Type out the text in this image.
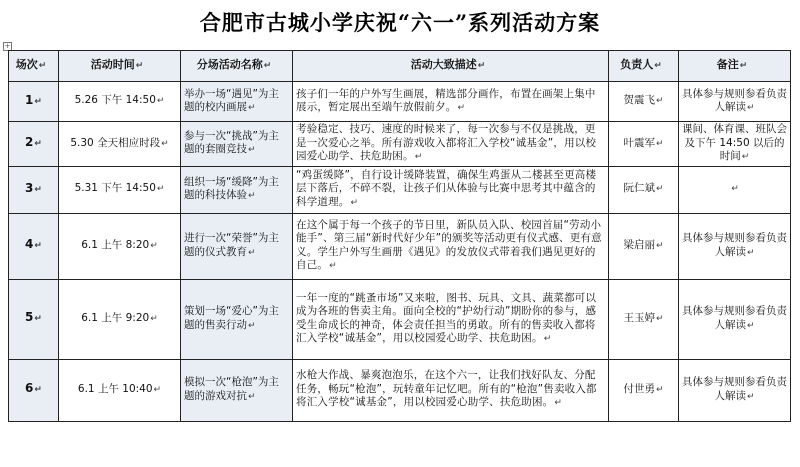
合肥市古城小学庆祝“六一”系列活动方案
+
场次↵	活动时间↵	分场活动名称↵	活动大致描述↵	负责人↵	备注↵
1↵	5.26 下午 14:50↵	举办一场“遇见”为主题的校内画展↵	孩子们一年的户外写生画展，精选部分画作，布置在画架上集中展示，暂定展出至端午放假前夕。↵	贺震飞↵	具体参与规则参看负责人解读↵
2↵	5.30 全天相应时段↵	参与一次“挑战”为主题的套圈竞技↵	考验稳定、技巧、速度的时候来了，每一次参与不仅是挑战，更是一次爱心之举。所有游戏收入都将汇入学校“诚基金”，用以校园爱心助学、扶危助困。↵	叶震军↵	课间、体育课、班队会及下午 14:50 以后的时间↵
3↵	5.31 下午 14:50↵	组织一场“缓降”为主题的科技体验↵	“鸡蛋缓降”，自行设计缓降装置，确保生鸡蛋从二楼甚至更高楼层下落后，不碎不裂，让孩子们从体验与比赛中思考其中蕴含的科学道理。↵	阮仁斌↵	↵
4↵	6.1 上午 8:20↵	进行一次“荣誉”为主题的仪式教育↵	在这个属于每一个孩子的节日里，新队员入队、校园首届“劳动小能手”、第三届“新时代好少年”的颁奖等活动更有仪式感、更有意义。学生户外写生画册《遇见》的发放仪式带着我们遇见更好的自己。↵	梁启丽↵	具体参与规则参看负责人解读↵
5↵	6.1 上午 9:20↵	策划一场“爱心”为主题的售卖行动↵	一年一度的“跳蚤市场”又来啦，图书、玩具、文具、蔬菜都可以成为各班的售卖主角。面向全校的“护幼行动”期盼你的参与，感受生命成长的神奇，体会责任担当的勇敢。所有的售卖收入都将汇入学校“诚基金”，用以校园爱心助学、扶危助困。↵	王玉婷↵	具体参与规则参看负责人解读↵
6↵	6.1 上午 10:40↵	模拟一次“枪泡”为主题的游戏对抗↵	水枪大作战、暴爽泡泡乐，在这个六一，让我们找好队友、分配任务，畅玩“枪泡”，玩转童年记忆吧。所有的“枪泡”售卖收入都将汇入学校“诚基金”，用以校园爱心助学、扶危助困。↵	付世勇↵	具体参与规则参看负责人解读↵
